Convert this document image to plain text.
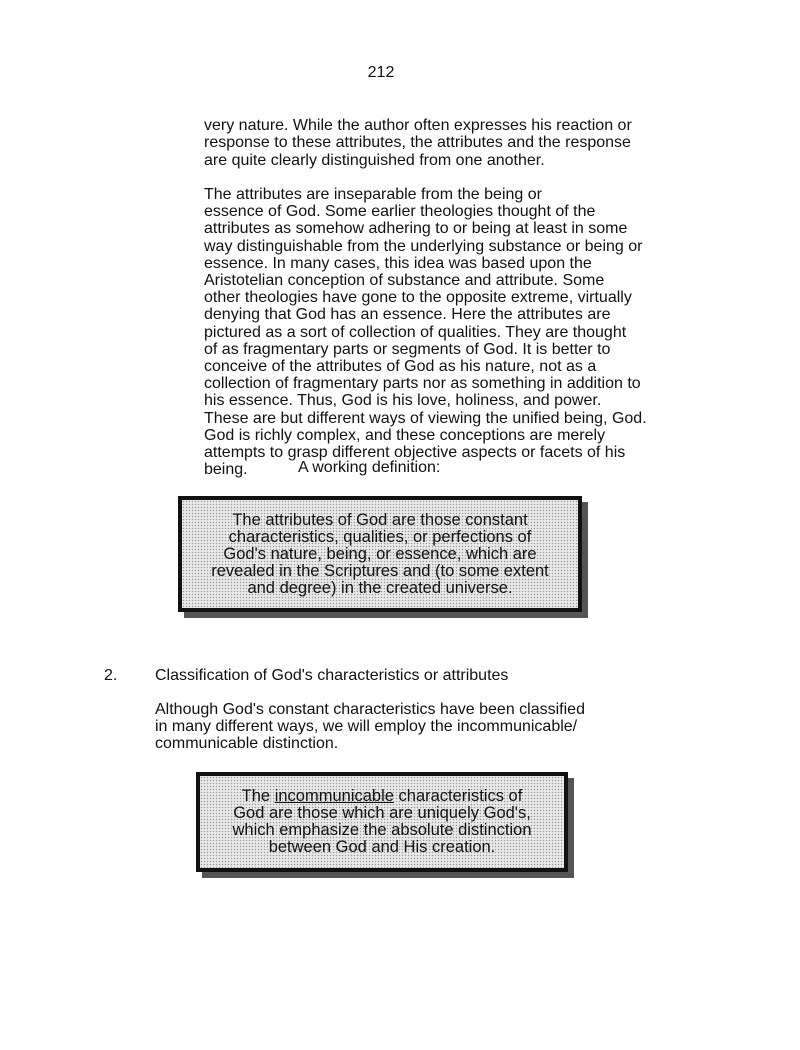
212

very nature. While the author often expresses his reaction or
response to these attributes, the attributes and the response
are quite clearly distinguished from one another.

The attributes are inseparable from the being or
essence of God. Some earlier theologies thought of the
attributes as somehow adhering to or being at least in some
way distinguishable from the underlying substance or being or
essence. In many cases, this idea was based upon the
Aristotelian conception of substance and attribute. Some
other theologies have gone to the opposite extreme, virtually
denying that God has an essence. Here the attributes are
pictured as a sort of collection of qualities. They are thought
of as fragmentary parts or segments of God. It is better to
conceive of the attributes of God as his nature, not as a
collection of fragmentary parts nor as something in addition to
his essence. Thus, God is his love, holiness, and power.
These are but different ways of viewing the unified being, God.
God is richly complex, and these conceptions are merely
attempts to grasp different objective aspects or facets of his
being.	A working definition:
The attributes of God are those constant
characteristics, qualities, or perfections of
God's nature, being, or essence, which are
revealed in the Scriptures and (to some extent
and degree) in the created universe.
2. Classification of God's characteristics or attributes
Although God's constant characteristics have been classified
in many different ways, we will employ the incommunicable/
communicable distinction.
The incommunicable characteristics of
God are those which are uniquely God's,
which emphasize the absolute distinction
between God and His creation.
